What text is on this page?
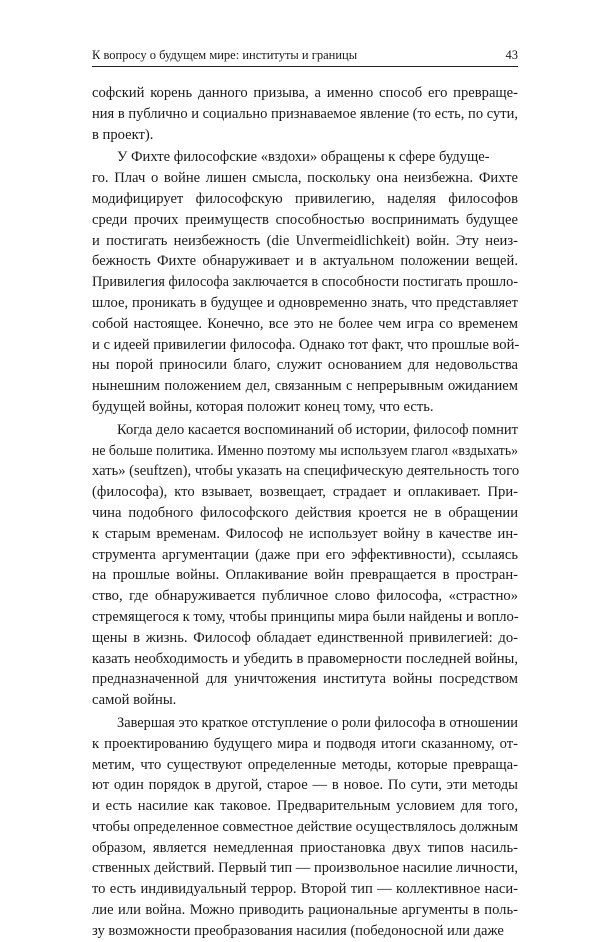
К вопросу о будущем мире: институты и границы	43
софский корень данного призыва, а именно способ его превраще-
ния в публично и социально признаваемое явление (то есть, по сути,
в проект).
У Фихте философские «вздохи» обращены к сфере будуще-
го. Плач о войне лишен смысла, поскольку она неизбежна. Фихте
модифицирует философскую привилегию, наделяя философов
среди прочих преимуществ способностью воспринимать будущее
и постигать неизбежность (die Unvermeidlichkeit) войн. Эту неиз-
бежность Фихте обнаруживает и в актуальном положении вещей.
Привилегия философа заключается в способности постигать прошло-
шлое, проникать в будущее и одновременно знать, что представляет
собой настоящее. Конечно, все это не более чем игра со временем
и с идеей привилегии философа. Однако тот факт, что прошлые вой-
ны порой приносили благо, служит основанием для недовольства
нынешним положением дел, связанным с непрерывным ожиданием
будущей войны, которая положит конец тому, что есть.
Когда дело касается воспоминаний об истории, философ помнит
не больше политика. Именно поэтому мы используем глагол «вздыхать»
хать» (seuftzen), чтобы указать на специфическую деятельность того
(философа), кто взывает, возвещает, страдает и оплакивает. При-
чина подобного философского действия кроется не в обращении
к старым временам. Философ не использует войну в качестве ин-
струмента аргументации (даже при его эффективности), ссылаясь
на прошлые войны. Оплакивание войн превращается в простран-
ство, где обнаруживается публичное слово философа, «страстно»
стремящегося к тому, чтобы принципы мира были найдены и вопло-
щены в жизнь. Философ обладает единственной привилегией: до-
казать необходимость и убедить в правомерности последней войны,
предназначенной для уничтожения института войны посредством
самой войны.
Завершая это краткое отступление о роли философа в отношении
к проектированию будущего мира и подводя итоги сказанному, от-
метим, что существуют определенные методы, которые превраща-
ют один порядок в другой, старое — в новое. По сути, эти методы
и есть насилие как таковое. Предварительным условием для того,
чтобы определенное совместное действие осуществлялось должным
образом, является немедленная приостановка двух типов насиль-
ственных действий. Первый тип — произвольное насилие личности,
то есть индивидуальный террор. Второй тип — коллективное наси-
лие или война. Можно приводить рациональные аргументы в поль-
зу возможности преобразования насилия (победоносной или даже
